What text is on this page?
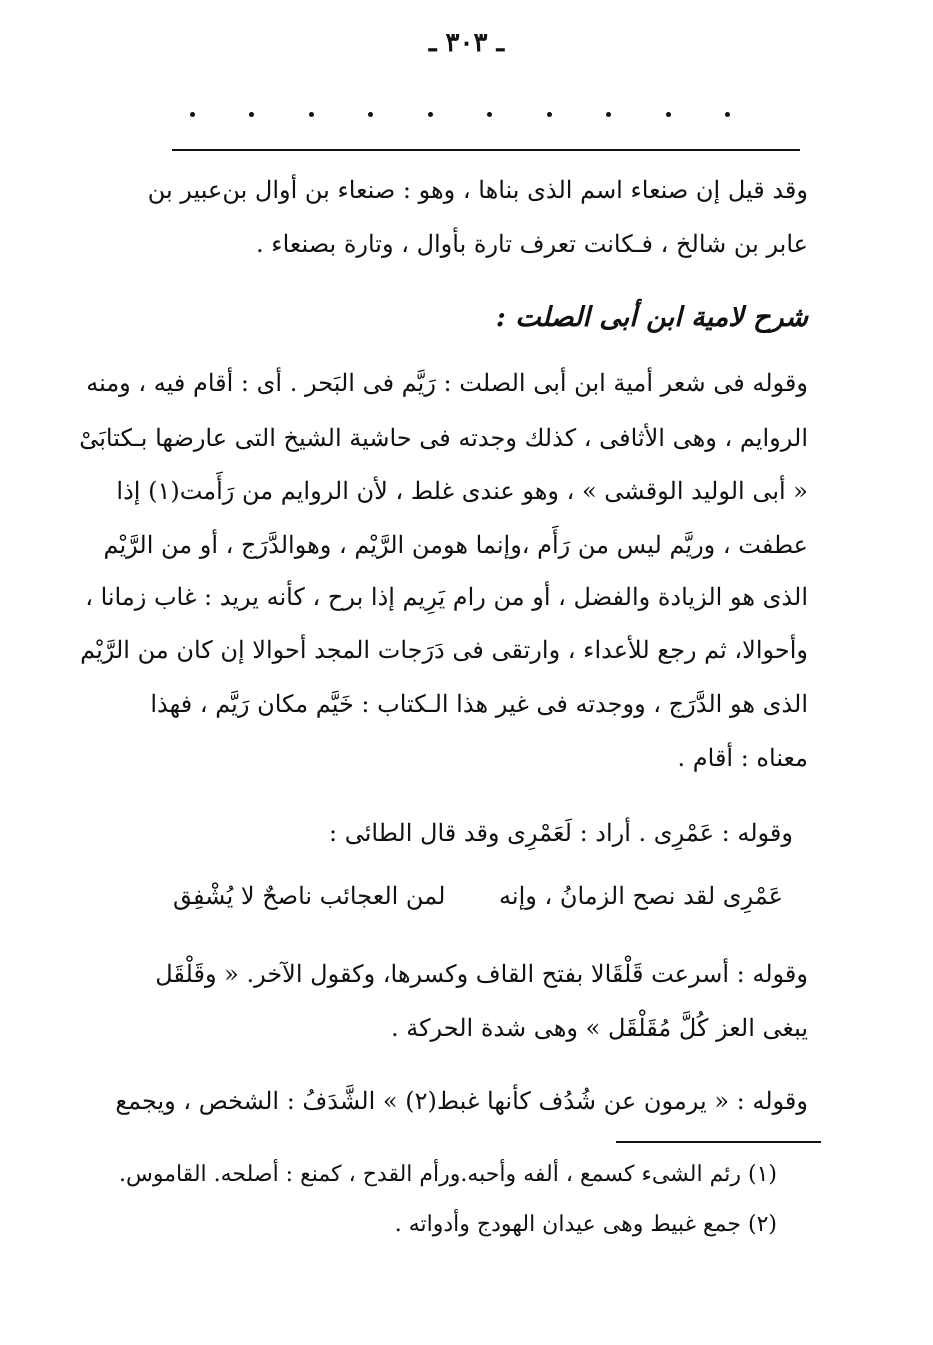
ـ ٣٠٣ ـ
وقد قيل إن صنعاء اسم الذى بناها ، وهو : صنعاء بن أوال بن‌عبير بن
عابر بن شالخ ، فـكانت تعرف تارة بأوال ، وتارة بصنعاء .
شرح لامية ابن أبى الصلت :
وقوله فى شعر أمية ابن أبى الصلت : رَيَّم فى البَحر . أى : أقام فيه ، ومنه
الروايم ، وهى الأثافى ، كذلك وجدته فى حاشية الشيخ التى عارضها بـكتابَىْ
« أبى الوليد الوقشى » ، وهو عندى غلط ، لأن الروايم من رَأَمت(١) إذا
عطفت ، وريَّم ليس من رَأَم ،وإنما هومن الرَّيْم ، وهوالدَّرَج ، أو من الرَّيْم
الذى هو الزيادة والفضل ، أو من رام يَرِيم إذا برح ، كأنه يريد : غاب زمانا ،
وأحوالا، ثم رجع للأعداء ، وارتقى فى دَرَجات المجد أحوالا إن كان من الرَّيْم
الذى هو الدَّرَج ، ووجدته فى غير هذا الـكتاب : خَيَّم مكان رَيَّم ، فهذا
معناه : أقام .
وقوله : عَمْرِى . أراد : لَعَمْرِى وقد قال الطائى :
عَمْرِى لقد نصح الزمانُ ، وإنه
لمن العجائب ناصحٌ لا يُشْفِق
وقوله : أسرعت قَلْقَالا بفتح القاف وكسرها، وكقول الآخر. « وقَلْقَل
يبغى العز كُلَّ مُقَلْقَل » وهى شدة الحركة .
وقوله : « يرمون عن شُدُف كأنها غبط(٢) » الشَّدَفُ : الشخص ، ويجمع
(١) رئم الشىء كسمع ، ألفه وأحبه.ورأم القدح ، كمنع : أصلحه. القاموس.
(٢) جمع غبيط وهى عيدان الهودج وأدواته .
